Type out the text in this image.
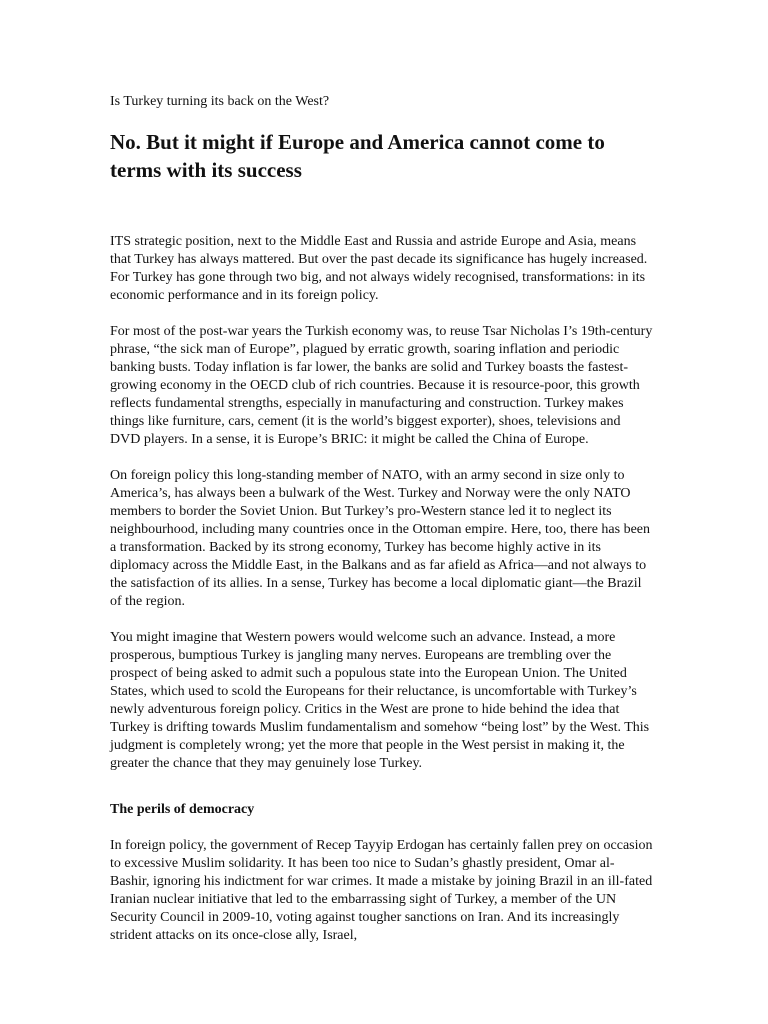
Is Turkey turning its back on the West?
No. But it might if Europe and America cannot come to terms with its success

ITS strategic position, next to the Middle East and Russia and astride Europe and Asia, means that Turkey has always mattered. But over the past decade its significance has hugely increased. For Turkey has gone through two big, and not always widely recognised, transformations: in its economic performance and in its foreign policy.

For most of the post-war years the Turkish economy was, to reuse Tsar Nicholas I’s 19th-century phrase, “the sick man of Europe”, plagued by erratic growth, soaring inflation and periodic banking busts. Today inflation is far lower, the banks are solid and Turkey boasts the fastest-growing economy in the OECD club of rich countries. Because it is resource-poor, this growth reflects fundamental strengths, especially in manufacturing and construction. Turkey makes things like furniture, cars, cement (it is the world’s biggest exporter), shoes, televisions and DVD players. In a sense, it is Europe’s BRIC: it might be called the China of Europe.

On foreign policy this long-standing member of NATO, with an army second in size only to America’s, has always been a bulwark of the West. Turkey and Norway were the only NATO members to border the Soviet Union. But Turkey’s pro-Western stance led it to neglect its neighbourhood, including many countries once in the Ottoman empire. Here, too, there has been a transformation. Backed by its strong economy, Turkey has become highly active in its diplomacy across the Middle East, in the Balkans and as far afield as Africa—and not always to the satisfaction of its allies. In a sense, Turkey has become a local diplomatic giant—the Brazil of the region.

You might imagine that Western powers would welcome such an advance. Instead, a more prosperous, bumptious Turkey is jangling many nerves. Europeans are trembling over the prospect of being asked to admit such a populous state into the European Union. The United States, which used to scold the Europeans for their reluctance, is uncomfortable with Turkey’s newly adventurous foreign policy. Critics in the West are prone to hide behind the idea that Turkey is drifting towards Muslim fundamentalism and somehow “being lost” by the West. This judgment is completely wrong; yet the more that people in the West persist in making it, the greater the chance that they may genuinely lose Turkey.

The perils of democracy

In foreign policy, the government of Recep Tayyip Erdogan has certainly fallen prey on occasion to excessive Muslim solidarity. It has been too nice to Sudan’s ghastly president, Omar al-Bashir, ignoring his indictment for war crimes. It made a mistake by joining Brazil in an ill-fated Iranian nuclear initiative that led to the embarrassing sight of Turkey, a member of the UN Security Council in 2009-10, voting against tougher sanctions on Iran. And its increasingly strident attacks on its once-close ally, Israel,
